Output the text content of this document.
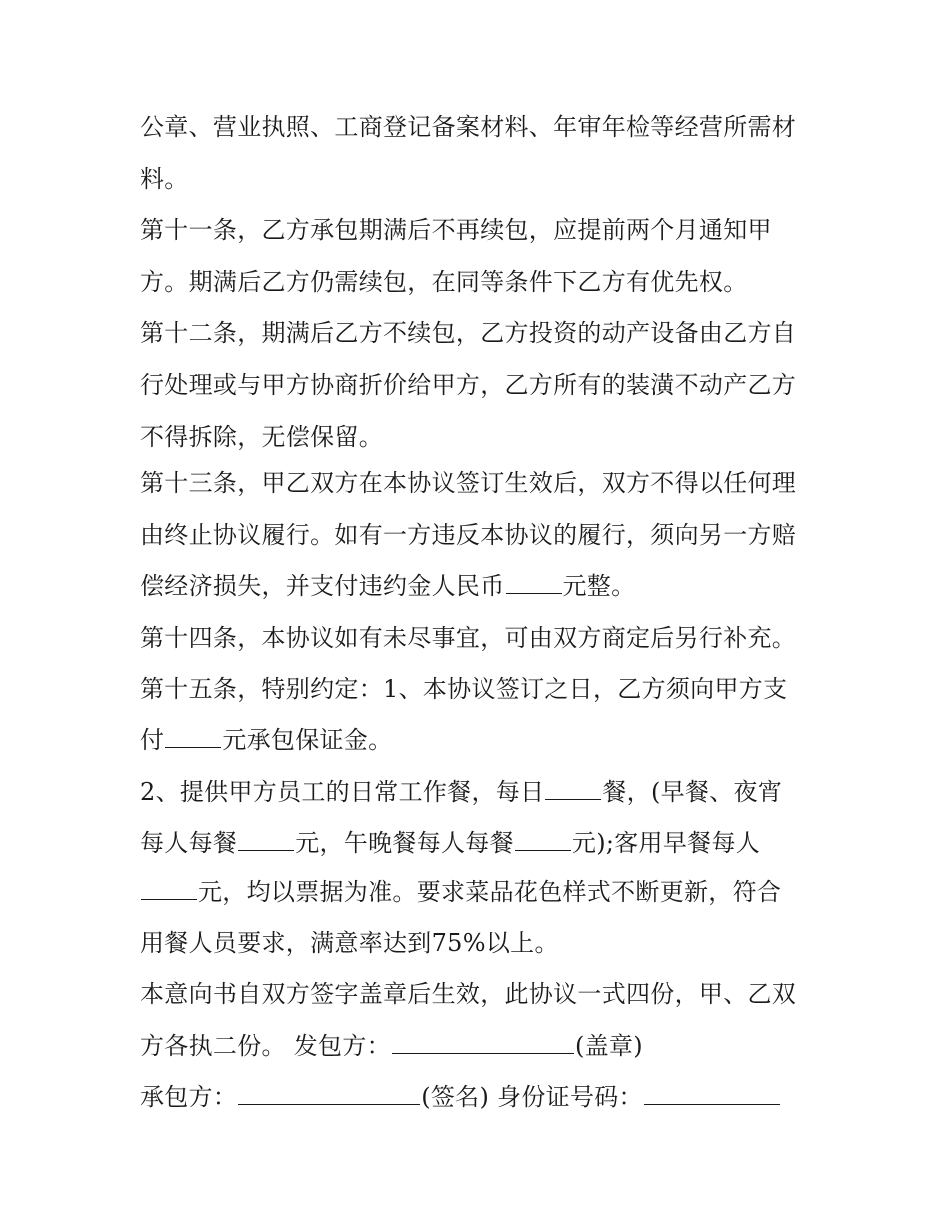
公章、营业执照、工商登记备案材料、年审年检等经营所需材
料。
第十一条，乙方承包期满后不再续包，应提前两个月通知甲
方。期满后乙方仍需续包，在同等条件下乙方有优先权。
第十二条，期满后乙方不续包，乙方投资的动产设备由乙方自
行处理或与甲方协商折价给甲方，乙方所有的装潢不动产乙方
不得拆除，无偿保留。
第十三条，甲乙双方在本协议签订生效后，双方不得以任何理
由终止协议履行。如有一方违反本协议的履行，须向另一方赔
偿经济损失，并支付违约金人民币 元整。
第十四条，本协议如有未尽事宜，可由双方商定后另行补充。
第十五条，特别约定：1、本协议签订之日，乙方须向甲方支
付 元承包保证金。
2、提供甲方员工的日常工作餐，每日 餐，(早餐、夜宵
每人每餐 元，午晚餐每人每餐 元);客用早餐每人
元，均以票据为准。要求菜品花色样式不断更新，符合
用餐人员要求，满意率达到75%以上。
本意向书自双方签字盖章后生效，此协议一式四份，甲、乙双
方各执二份。 发包方：	(盖章)
承包方：	(签名) 身份证号码：
